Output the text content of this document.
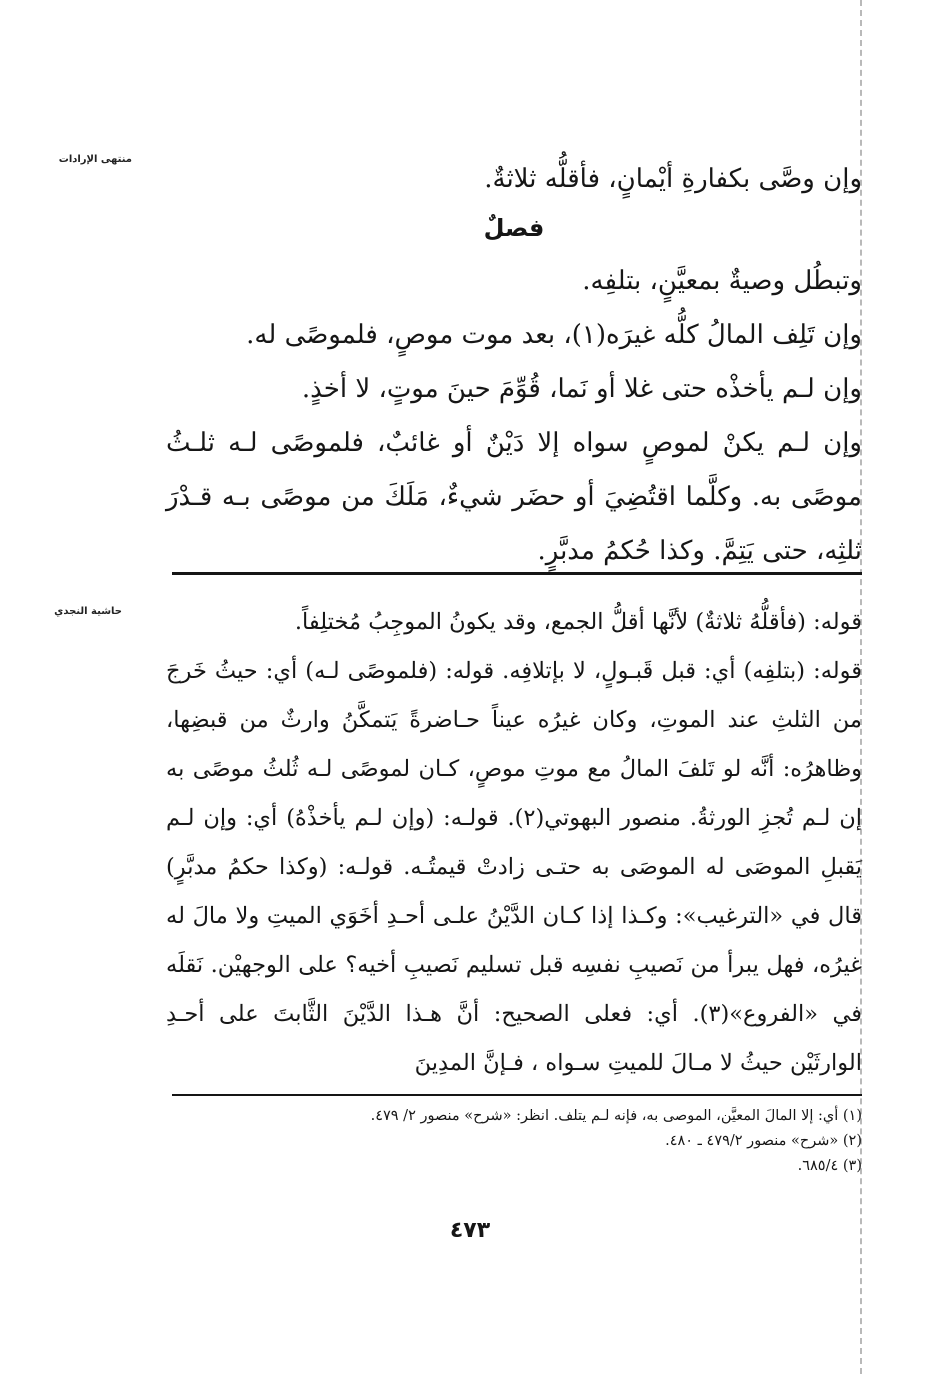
منتهى الإرادات
حاشية النجدي

وإن وصَّى بكفارةِ أيْمانٍ، فأقلُّه ثلاثةٌ.

فصلٌ

وتبطُل وصيةٌ بمعيَّنٍ، بتلفِه.

وإن تَلِف المالُ كلُّه غيرَه(١)، بعد موت موصٍ، فلموصًى له.

وإن لـم يأخذْه حتى غلا أو نَما، قُوِّمَ حينَ موتٍ، لا أخذٍ.

وإن لـم يكنْ لموصٍ سواه إلا دَيْنٌ أو غائبٌ، فلموصًى لـه ثلـثُ موصًى به. وكلَّما اقتُضِيَ أو حضَر شيءٌ، مَلَكَ من موصًى بـه قـدْرَ ثلثِه، حتى يَتِمَّ. وكذا حُكمُ مدبَّرٍ.

قوله: (فأقلُّهُ ثلاثةٌ) لأنَّها أقلُّ الجمع، وقد يكونُ الموجِبُ مُختلِفاً.

قوله: (بتلفِه) أي: قبل قَبـولٍ، لا بإتلافِه. قوله: (فلموصًى لـه) أي: حيثُ خَرجَ من الثلثِ عند الموتِ، وكان غيرُه عيناً حـاضرةً يَتمكَّنُ وارثٌ من قبضِها، وظاهرُه: أنَّه لو تَلفَ المالُ مع موتِ موصٍ، كـان لموصًى لـه ثُلثُ موصًى به إن لـم تُجزِ الورثةُ. منصور البهوتي(٢). قولـه: (وإن لـم يأخذْهُ) أي: وإن لـم يَقبلِ الموصَى له الموصَى به حتـى زادتْ قيمتُـه. قولـه: (وكذا حكمُ مدبَّرٍ) قال في «الترغيب»: وكـذا إذا كـان الدَّيْنُ علـى أحـدِ أخَوَي الميتِ ولا مالَ له غيرُه، فهل يبرأ من نَصيبِ نفسِه قبل تسليم نَصيبِ أخيه؟ على الوجهيْن. نَقلَه في «الفروع»(٣). أي: فعلى الصحيح: أنَّ هـذا الدَّيْنَ الثَّابتَ على أحـدِ الوارثَيْن حيثُ لا مـالَ للميتِ سـواه ، فـإنَّ المدِينَ

(١) أي: إلا المالَ المعيَّن، الموصى به، فإنه لـم يتلف. انظر: «شرح» منصور ٢/ ٤٧٩.

(٢) «شرح» منصور ٤٧٩/٢ ـ ٤٨٠.

(٣) ٦٨٥/٤.

٤٧٣
